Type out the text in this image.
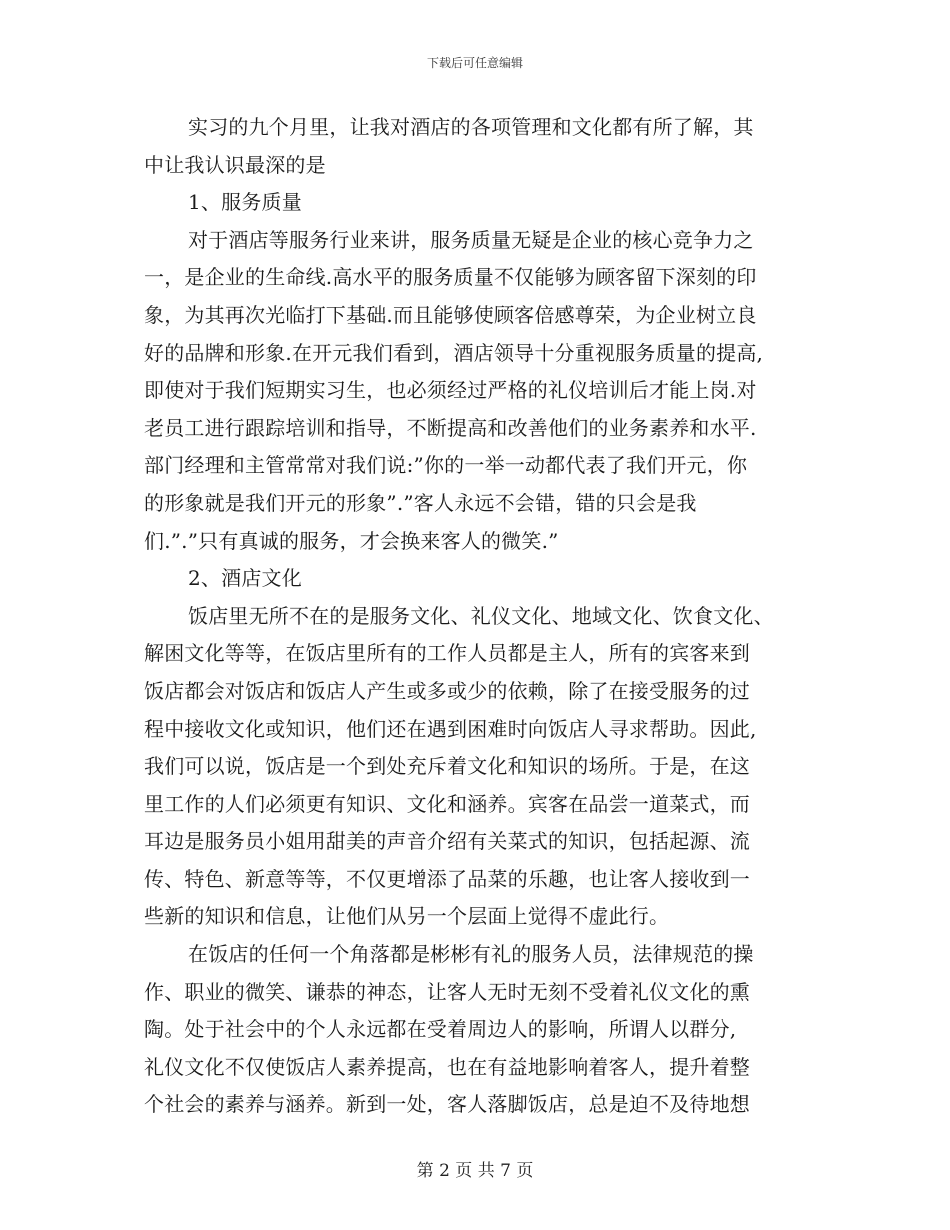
下载后可任意编辑
实习的九个月里，让我对酒店的各项管理和文化都有所了解，其
中让我认识最深的是
1、服务质量
对于酒店等服务行业来讲，服务质量无疑是企业的核心竞争力之
一，是企业的生命线.高水平的服务质量不仅能够为顾客留下深刻的印
象，为其再次光临打下基础.而且能够使顾客倍感尊荣，为企业树立良
好的品牌和形象.在开元我们看到，酒店领导十分重视服务质量的提高,
即使对于我们短期实习生，也必须经过严格的礼仪培训后才能上岗.对
老员工进行跟踪培训和指导，不断提高和改善他们的业务素养和水平.
部门经理和主管常常对我们说:”你的一举一动都代表了我们开元，你
的形象就是我们开元的形象”.”客人永远不会错，错的只会是我
们.”.”只有真诚的服务，才会换来客人的微笑.”
2、酒店文化
饭店里无所不在的是服务文化、礼仪文化、地域文化、饮食文化、
解困文化等等，在饭店里所有的工作人员都是主人，所有的宾客来到
饭店都会对饭店和饭店人产生或多或少的依赖，除了在接受服务的过
程中接收文化或知识，他们还在遇到困难时向饭店人寻求帮助。因此,
我们可以说，饭店是一个到处充斥着文化和知识的场所。于是，在这
里工作的人们必须更有知识、文化和涵养。宾客在品尝一道菜式，而
耳边是服务员小姐用甜美的声音介绍有关菜式的知识，包括起源、流
传、特色、新意等等，不仅更增添了品菜的乐趣，也让客人接收到一
些新的知识和信息，让他们从另一个层面上觉得不虚此行。
在饭店的任何一个角落都是彬彬有礼的服务人员，法律规范的操
作、职业的微笑、谦恭的神态，让客人无时无刻不受着礼仪文化的熏
陶。处于社会中的个人永远都在受着周边人的影响，所谓人以群分,
礼仪文化不仅使饭店人素养提高，也在有益地影响着客人，提升着整
个社会的素养与涵养。新到一处，客人落脚饭店，总是迫不及待地想
第 2 页 共 7 页
